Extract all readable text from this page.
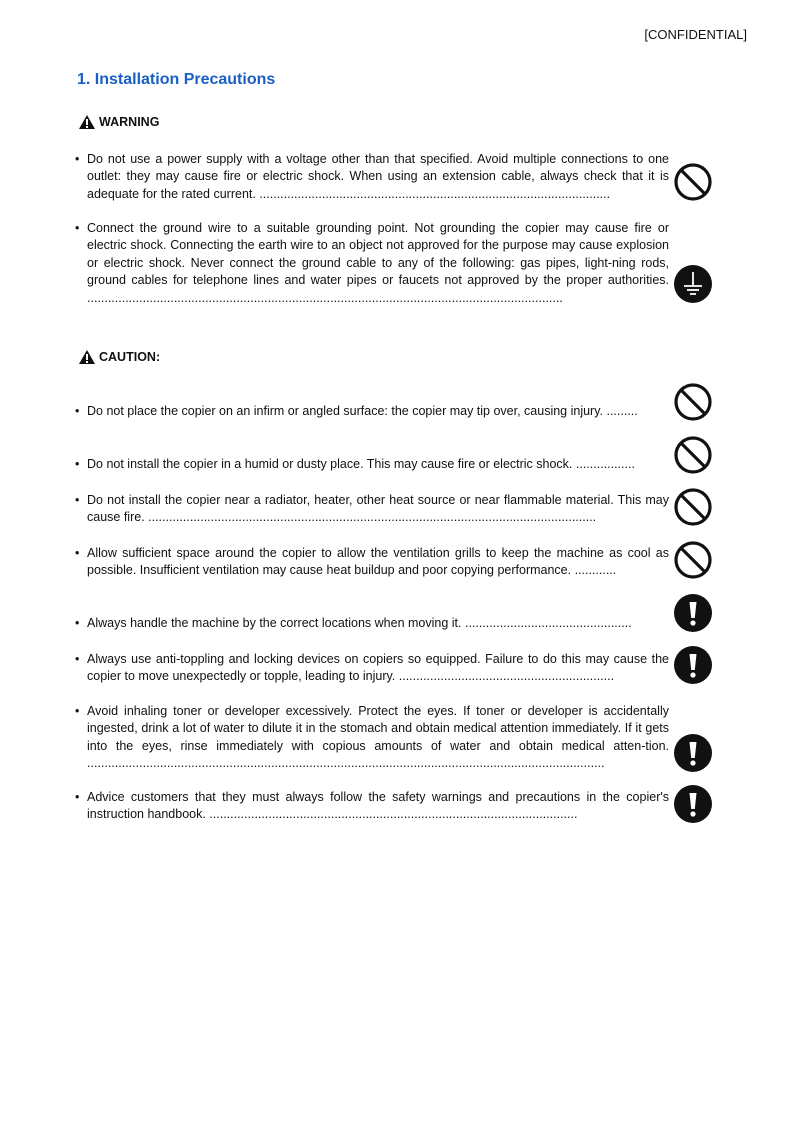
[CONFIDENTIAL]
1. Installation Precautions
WARNING
• Do not use a power supply with a voltage other than that specified. Avoid multiple connections to one outlet: they may cause fire or electric shock. When using an extension cable, always check that it is adequate for the rated current. .....................................................................................................
• Connect the ground wire to a suitable grounding point. Not grounding the copier may cause fire or electric shock. Connecting the earth wire to an object not approved for the purpose may cause explosion or electric shock. Never connect the ground cable to any of the following: gas pipes, light-ning rods, ground cables for telephone lines and water pipes or faucets not approved by the proper authorities. .........................................................................................................................................
CAUTION:
• Do not place the copier on an infirm or angled surface: the copier may tip over, causing injury. .........
• Do not install the copier in a humid or dusty place. This may cause fire or electric shock. .................
• Do not install the copier near a radiator, heater, other heat source or near flammable material. This may cause fire. .................................................................................................................................
• Allow sufficient space around the copier to allow the ventilation grills to keep the machine as cool as possible. Insufficient ventilation may cause heat buildup and poor copying performance. ............
• Always handle the machine by the correct locations when moving it. ................................................
• Always use anti-toppling and locking devices on copiers so equipped. Failure to do this may cause the copier to move unexpectedly or topple, leading to injury. ..............................................................
• Avoid inhaling toner or developer excessively. Protect the eyes. If toner or developer is accidentally ingested, drink a lot of water to dilute it in the stomach and obtain medical attention immediately. If it gets into the eyes, rinse immediately with copious amounts of water and obtain medical atten-tion. .....................................................................................................................................................
• Advice customers that they must always follow the safety warnings and precautions in the copier's instruction handbook. ..........................................................................................................
